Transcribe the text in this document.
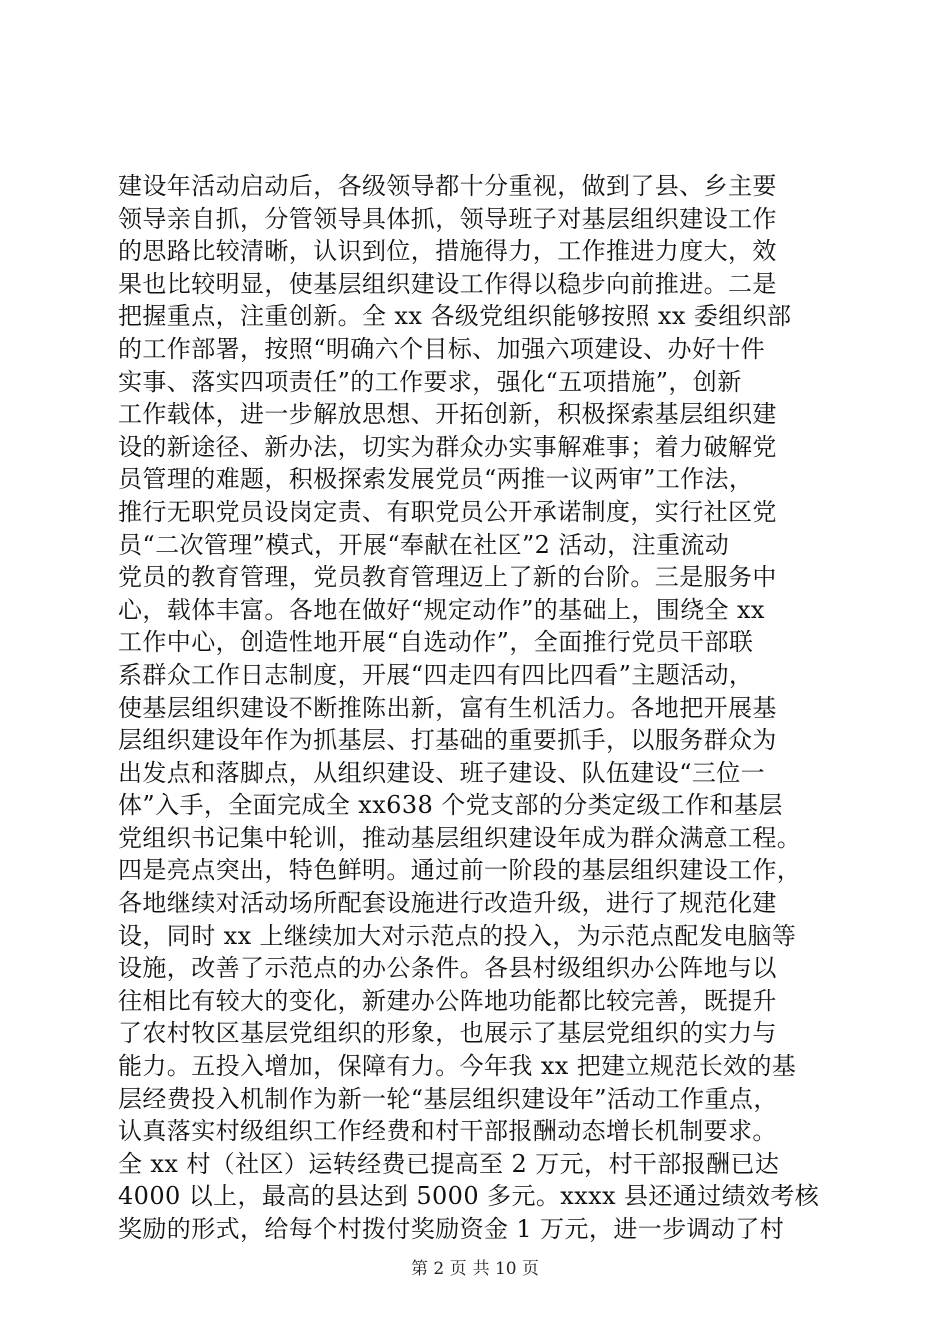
建设年活动启动后，各级领导都十分重视，做到了县、乡主要
领导亲自抓，分管领导具体抓，领导班子对基层组织建设工作
的思路比较清晰，认识到位，措施得力，工作推进力度大，效
果也比较明显，使基层组织建设工作得以稳步向前推进。二是
把握重点，注重创新。全 xx 各级党组织能够按照 xx 委组织部
的工作部署，按照“明确六个目标、加强六项建设、办好十件
实事、落实四项责任”的工作要求，强化“五项措施”，创新
工作载体，进一步解放思想、开拓创新，积极探索基层组织建
设的新途径、新办法，切实为群众办实事解难事；着力破解党
员管理的难题，积极探索发展党员“两推一议两审”工作法，
推行无职党员设岗定责、有职党员公开承诺制度，实行社区党
员“二次管理”模式，开展“奉献在社区”2 活动，注重流动
党员的教育管理，党员教育管理迈上了新的台阶。三是服务中
心，载体丰富。各地在做好“规定动作”的基础上，围绕全 xx
工作中心，创造性地开展“自选动作”，全面推行党员干部联
系群众工作日志制度，开展“四走四有四比四看”主题活动，
使基层组织建设不断推陈出新，富有生机活力。各地把开展基
层组织建设年作为抓基层、打基础的重要抓手，以服务群众为
出发点和落脚点，从组织建设、班子建设、队伍建设“三位一
体”入手，全面完成全 xx638 个党支部的分类定级工作和基层
党组织书记集中轮训，推动基层组织建设年成为群众满意工程。
四是亮点突出，特色鲜明。通过前一阶段的基层组织建设工作，
各地继续对活动场所配套设施进行改造升级，进行了规范化建
设，同时 xx 上继续加大对示范点的投入，为示范点配发电脑等
设施，改善了示范点的办公条件。各县村级组织办公阵地与以
往相比有较大的变化，新建办公阵地功能都比较完善，既提升
了农村牧区基层党组织的形象，也展示了基层党组织的实力与
能力。五投入增加，保障有力。今年我 xx 把建立规范长效的基
层经费投入机制作为新一轮“基层组织建设年”活动工作重点，
认真落实村级组织工作经费和村干部报酬动态增长机制要求。
全 xx 村（社区）运转经费已提高至 2 万元，村干部报酬已达
4000 以上，最高的县达到 5000 多元。xxxx 县还通过绩效考核
奖励的形式，给每个村拨付奖励资金 1 万元，进一步调动了村
第 2 页 共 10 页
